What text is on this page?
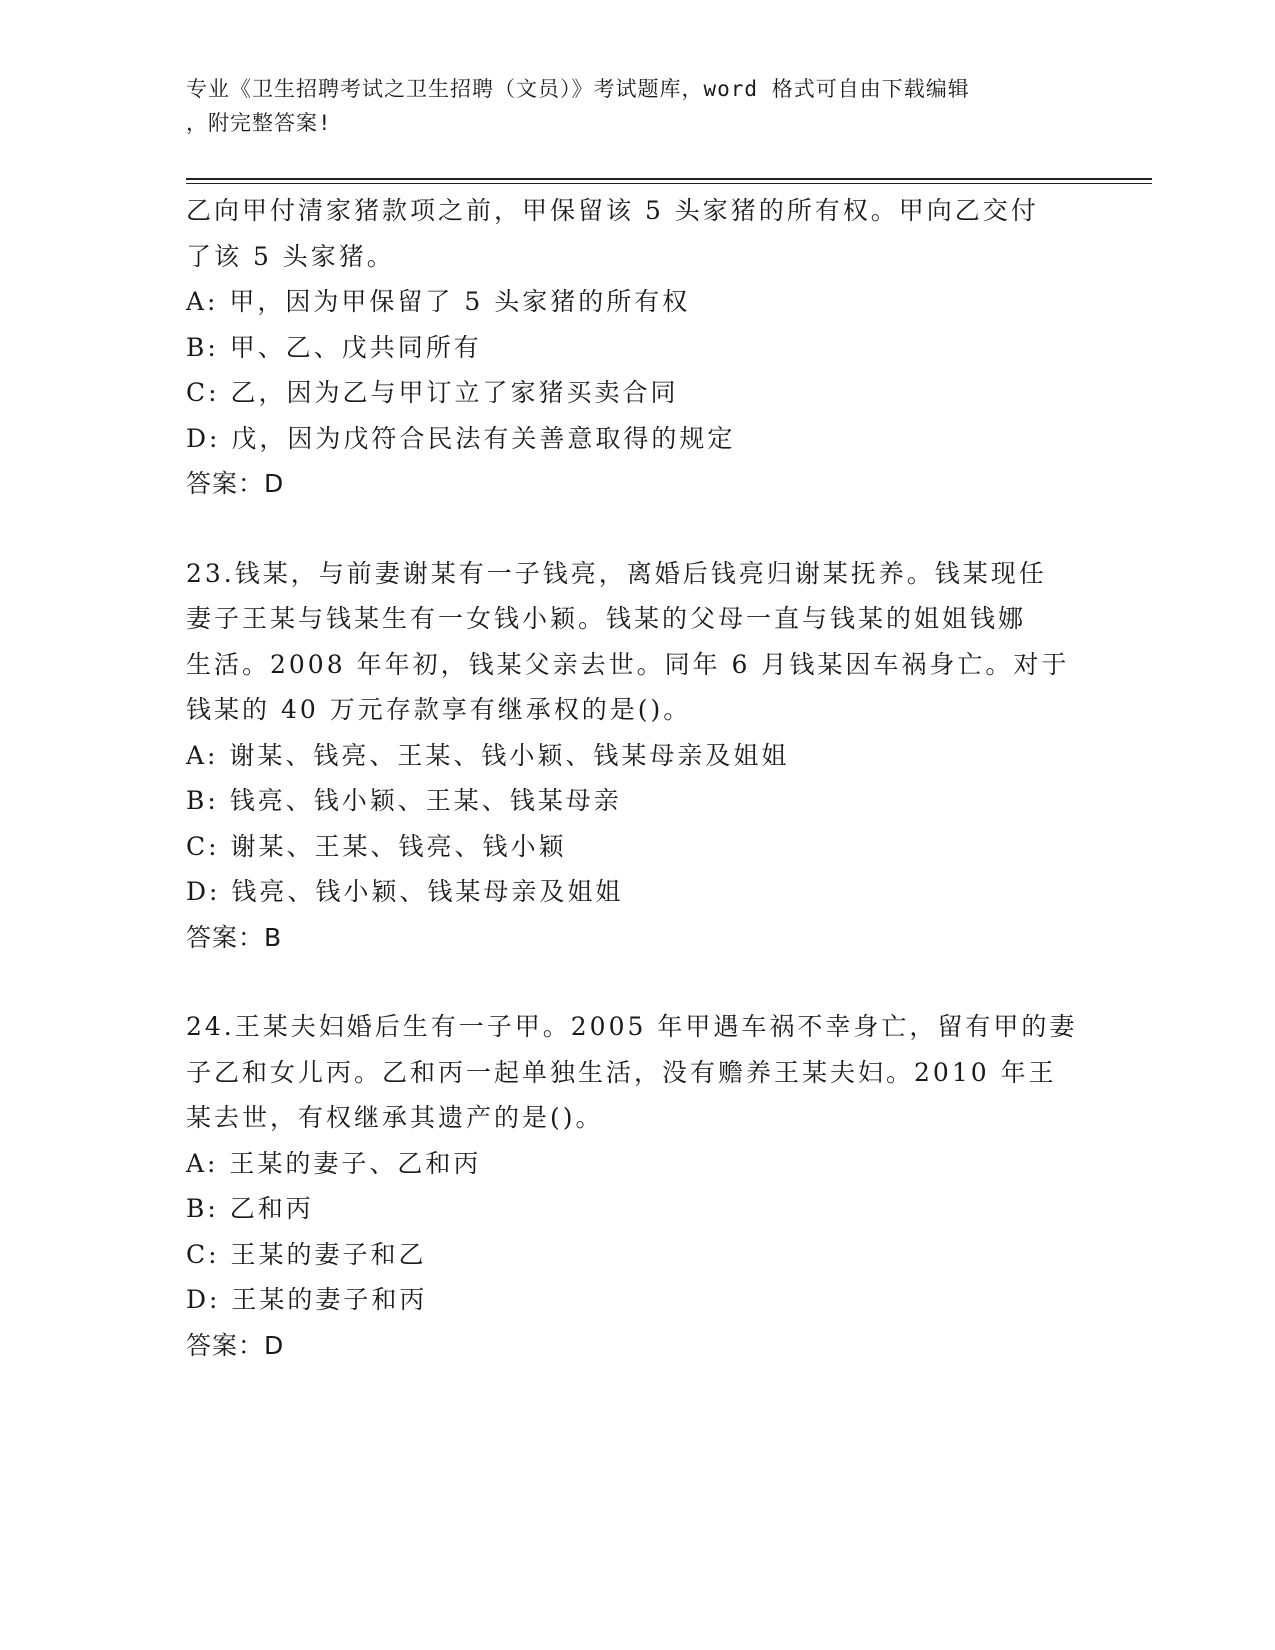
专业《卫生招聘考试之卫生招聘（文员）》考试题库，word 格式可自由下载编辑
，附完整答案!

乙向甲付清家猪款项之前，甲保留该 5 头家猪的所有权。甲向乙交付

了该 5 头家猪。

A: 甲，因为甲保留了 5 头家猪的所有权

B: 甲、乙、戊共同所有

C: 乙，因为乙与甲订立了家猪买卖合同

D: 戊，因为戊符合民法有关善意取得的规定

答案：D

23.钱某，与前妻谢某有一子钱亮，离婚后钱亮归谢某抚养。钱某现任

妻子王某与钱某生有一女钱小颖。钱某的父母一直与钱某的姐姐钱娜

生活。2008 年年初，钱某父亲去世。同年 6 月钱某因车祸身亡。对于

钱某的 40 万元存款享有继承权的是()。

A: 谢某、钱亮、王某、钱小颖、钱某母亲及姐姐

B: 钱亮、钱小颖、王某、钱某母亲

C: 谢某、王某、钱亮、钱小颖

D: 钱亮、钱小颖、钱某母亲及姐姐

答案：B

24.王某夫妇婚后生有一子甲。2005 年甲遇车祸不幸身亡，留有甲的妻

子乙和女儿丙。乙和丙一起单独生活，没有赡养王某夫妇。2010 年王

某去世，有权继承其遗产的是()。

A: 王某的妻子、乙和丙

B: 乙和丙

C: 王某的妻子和乙

D: 王某的妻子和丙

答案：D
